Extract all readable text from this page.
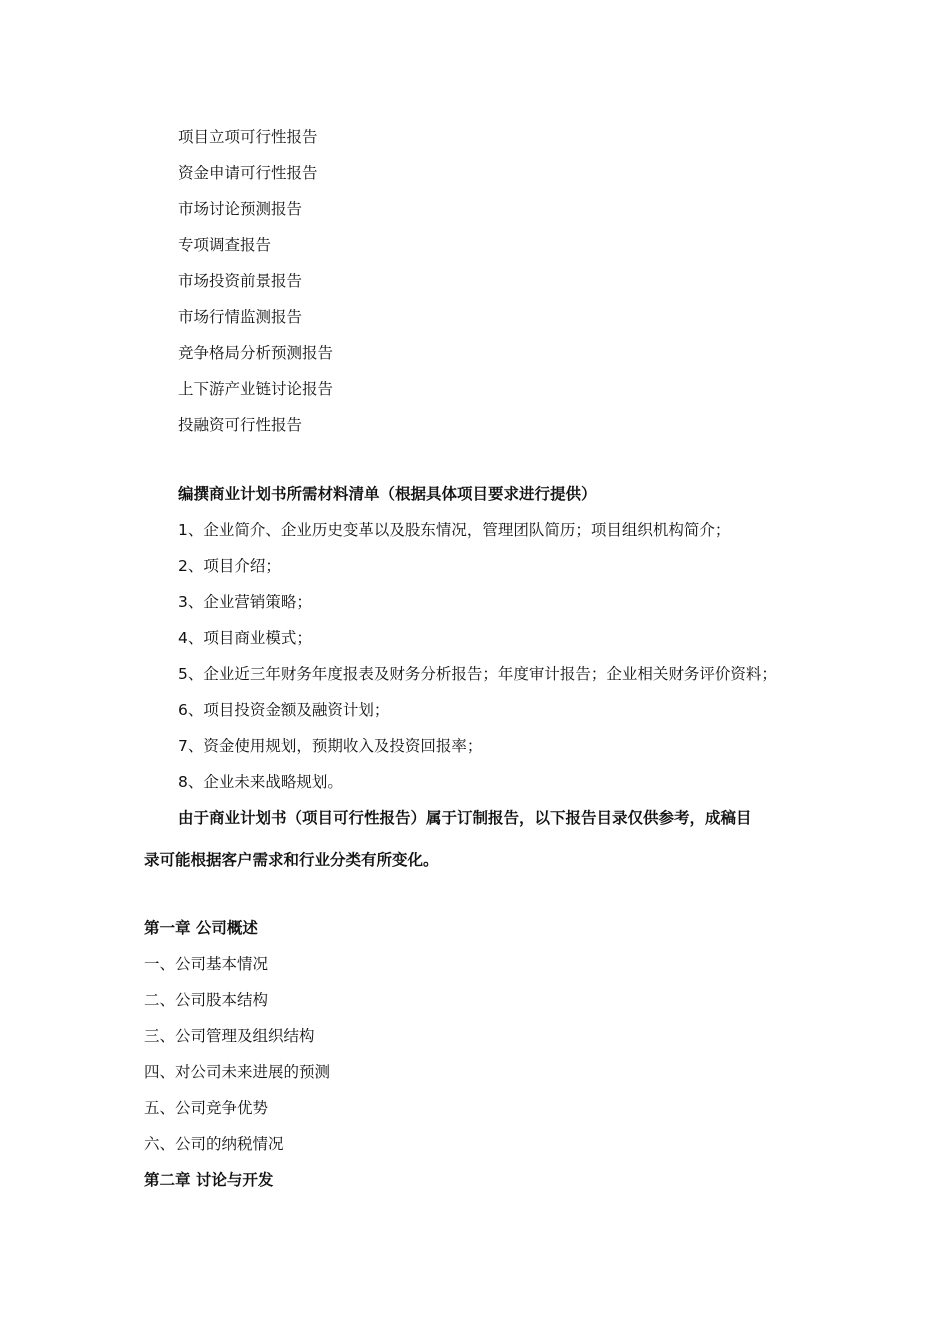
项目立项可行性报告
资金申请可行性报告
市场讨论预测报告
专项调查报告
市场投资前景报告
市场行情监测报告
竞争格局分析预测报告
上下游产业链讨论报告
投融资可行性报告
编撰商业计划书所需材料清单（根据具体项目要求进行提供）
1、企业简介、企业历史变革以及股东情况，管理团队简历；项目组织机构简介；
2、项目介绍；
3、企业营销策略；
4、项目商业模式；
5、企业近三年财务年度报表及财务分析报告；年度审计报告；企业相关财务评价资料；
6、项目投资金额及融资计划；
7、资金使用规划，预期收入及投资回报率；
8、企业未来战略规划。
由于商业计划书（项目可行性报告）属于订制报告，以下报告目录仅供参考，成稿目
录可能根据客户需求和行业分类有所变化。
第一章 公司概述
一、公司基本情况
二、公司股本结构
三、公司管理及组织结构
四、对公司未来进展的预测
五、公司竞争优势
六、公司的纳税情况
第二章 讨论与开发
